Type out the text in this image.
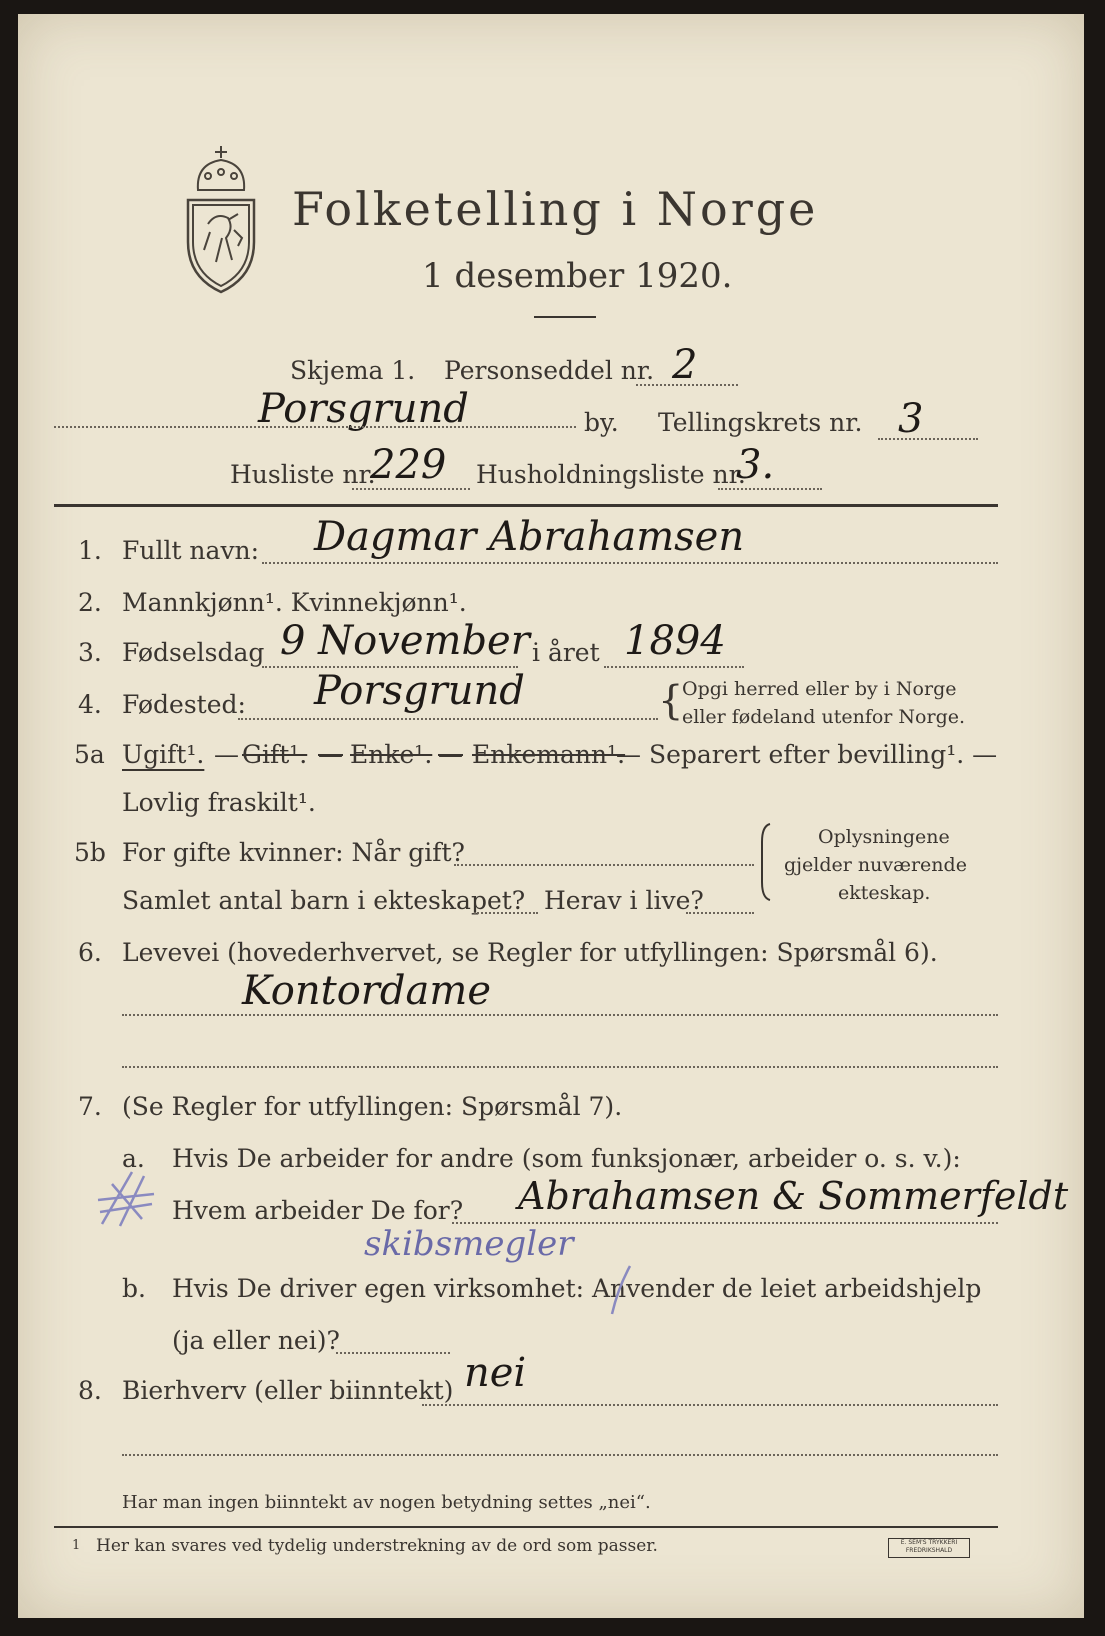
Folketelling i Norge
1 desember 1920.
Skjema 1. Personseddel nr. 2
Porsgrund	by. Tellingskrets nr. 3
Husliste nr.
229 Husholdningsliste nr.
3.
1. Fullt navn: Dagmar Abrahamsen
2. Mannkjønn¹. Kvinnekjønn¹.
3. Fødselsdag 9 November i året 1894
4. Fødested: Porsgrund	{
Opgi herred eller by i Norge
eller fødeland utenfor Norge.
5a Ugift¹. — Gift¹. — Enke¹. — Enkemann¹.
— Separert efter bevilling¹. —
Lovlig fraskilt¹.
5b For gifte kvinner: Når gift?
Samlet antal barn i ekteskapet? Herav i live?
Oplysningene
gjelder nuværende
ekteskap.
6. Levevei (hovederhvervet, se Regler for utfyllingen: Spørsmål 6).
Kontordame
7. (Se Regler for utfyllingen: Spørsmål 7).
a. Hvis De arbeider for andre (som funksjonær, arbeider o. s. v.):
Hvem arbeider De for? Abrahamsen & Sommerfeldt
skibsmegler
b. Hvis De driver egen virksomhet: Anvender de leiet arbeidshjelp
(ja eller nei)?
8. Bierhverv (eller biinntekt) nei
Har man ingen biinntekt av nogen betydning settes „nei“.
1 Her kan svares ved tydelig understrekning av de ord som passer.	E. SEM'S TRYKKERI FREDRIKSHALD
